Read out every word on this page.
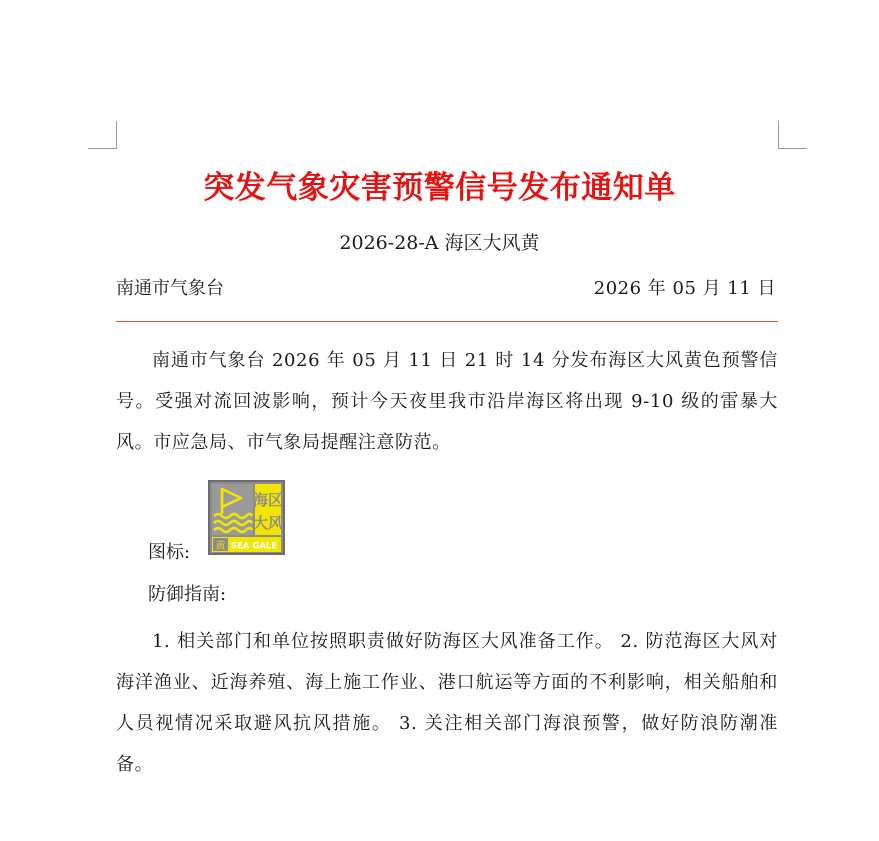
突发气象灾害预警信号发布通知单
2026-28-A 海区大风黄
南通市气象台	2026 年 05 月 11 日
南通市气象台 2026 年 05 月 11 日 21 时 14 分发布海区大风黄色预警信号。受强对流回波影响，预计今天夜里我市沿岸海区将出现 9-10 级的雷暴大风。市应急局、市气象局提醒注意防范。
图标:
海区
大风
黄 SEA GALE
防御指南:
1. 相关部门和单位按照职责做好防海区大风准备工作。 2. 防范海区大风对海洋渔业、近海养殖、海上施工作业、港口航运等方面的不利影响，相关船舶和人员视情况采取避风抗风措施。 3. 关注相关部门海浪预警，做好防浪防潮准备。
